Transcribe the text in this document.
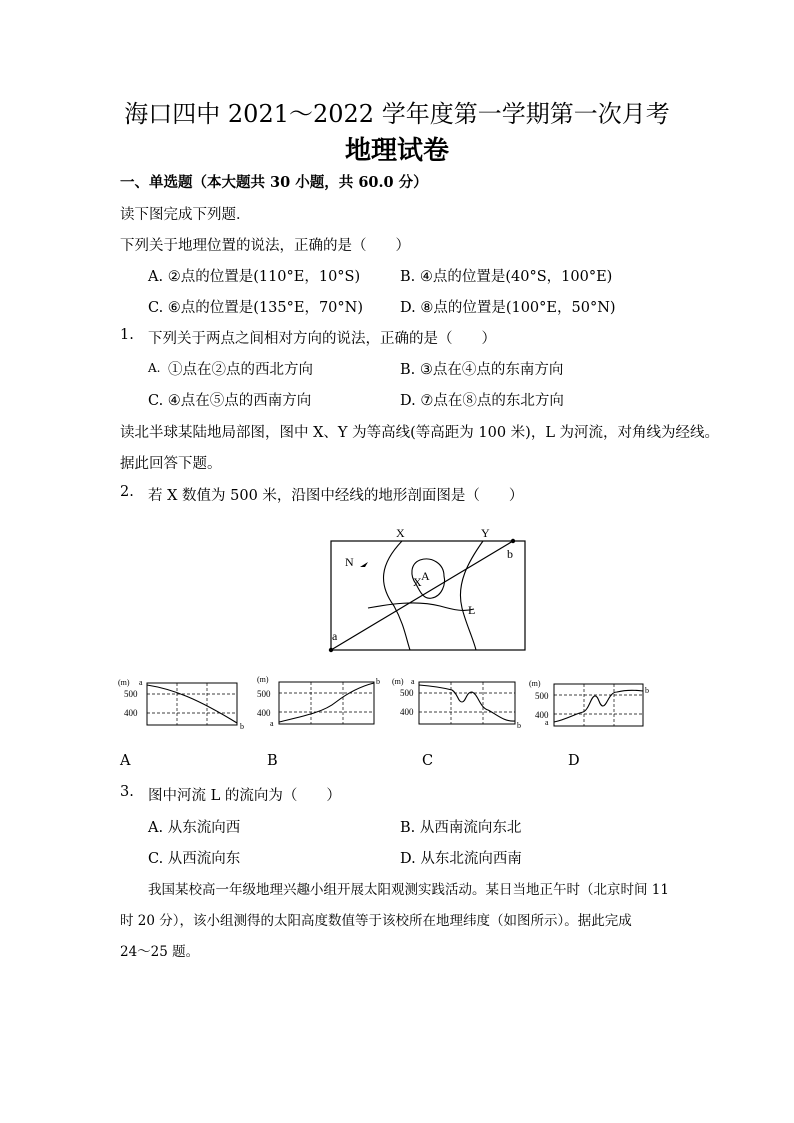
海口四中 2021～2022 学年度第一学期第一次月考
地理试卷
一、单选题（本大题共 30 小题，共 60.0 分）
读下图完成下列题．
下列关于地理位置的说法，正确的是（　　）
A. ②点的位置是(110°E，10°S)	B. ④点的位置是(40°S，100°E)
C. ⑥点的位置是(135°E，70°N)	D. ⑧点的位置是(100°E，50°N)
1. 下列关于两点之间相对方向的说法，正确的是（　　）
A. ①点在②点的西北方向	B. ③点在④点的东南方向
C. ④点在⑤点的西南方向	D. ⑦点在⑧点的东北方向
读北半球某陆地局部图，图中 X、Y 为等高线(等高距为 100 米)，L 为河流，对角线为经线。
据此回答下题。
2. 若 X 数值为 500 米，沿图中经线的地形剖面图是（　　）
X	Y
b
N
X A
L
a
(m) a
500
400
b
(m)
500
400
a
b (m) a
500
400
b
(m)
500
400
a
b
A	B	C	D
3. 图中河流 L 的流向为（　　）
A. 从东流向西	B. 从西南流向东北
C. 从西流向东	D. 从东北流向西南
我国某校高一年级地理兴趣小组开展太阳观测实践活动。某日当地正午时（北京时间 11
时 20 分），该小组测得的太阳高度数值等于该校所在地理纬度（如图所示）。据此完成
24～25 题。
